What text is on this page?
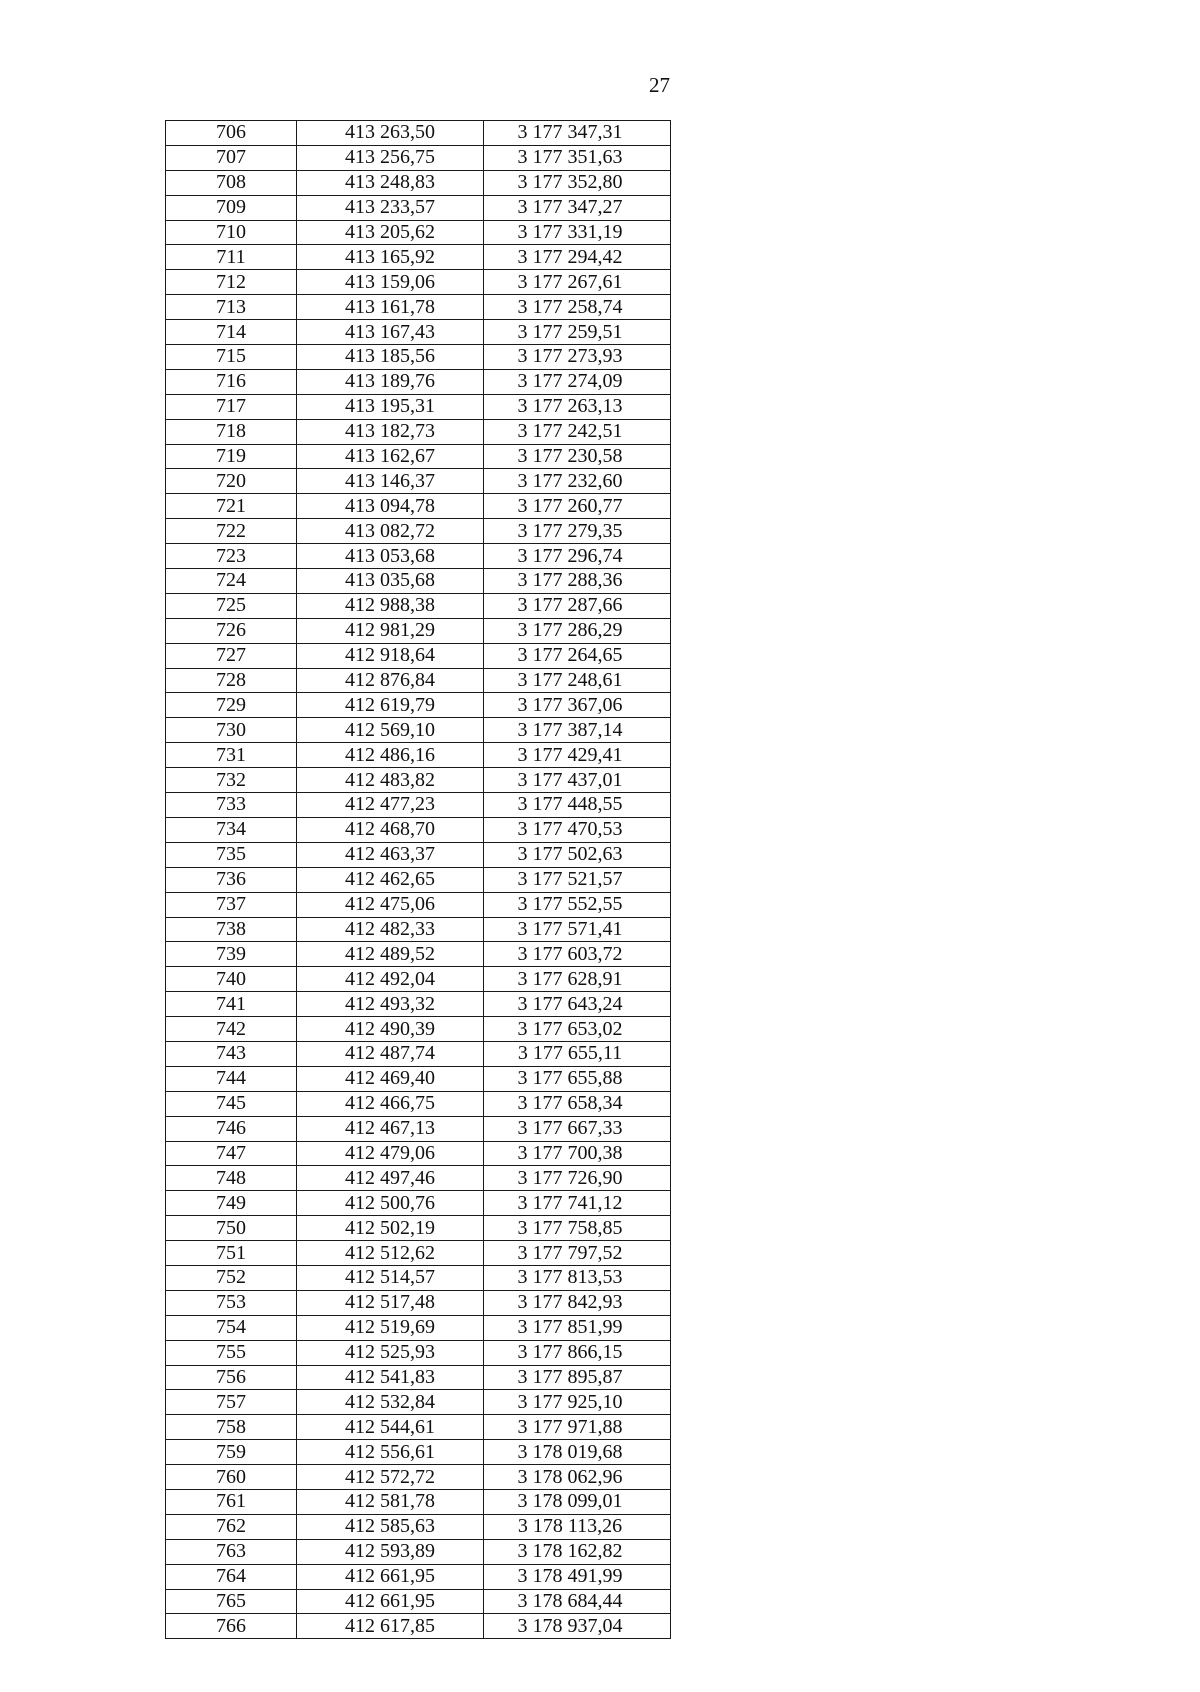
27
706	413 263,50	3 177 347,31
707	413 256,75	3 177 351,63
708	413 248,83	3 177 352,80
709	413 233,57	3 177 347,27
710	413 205,62	3 177 331,19
711	413 165,92	3 177 294,42
712	413 159,06	3 177 267,61
713	413 161,78	3 177 258,74
714	413 167,43	3 177 259,51
715	413 185,56	3 177 273,93
716	413 189,76	3 177 274,09
717	413 195,31	3 177 263,13
718	413 182,73	3 177 242,51
719	413 162,67	3 177 230,58
720	413 146,37	3 177 232,60
721	413 094,78	3 177 260,77
722	413 082,72	3 177 279,35
723	413 053,68	3 177 296,74
724	413 035,68	3 177 288,36
725	412 988,38	3 177 287,66
726	412 981,29	3 177 286,29
727	412 918,64	3 177 264,65
728	412 876,84	3 177 248,61
729	412 619,79	3 177 367,06
730	412 569,10	3 177 387,14
731	412 486,16	3 177 429,41
732	412 483,82	3 177 437,01
733	412 477,23	3 177 448,55
734	412 468,70	3 177 470,53
735	412 463,37	3 177 502,63
736	412 462,65	3 177 521,57
737	412 475,06	3 177 552,55
738	412 482,33	3 177 571,41
739	412 489,52	3 177 603,72
740	412 492,04	3 177 628,91
741	412 493,32	3 177 643,24
742	412 490,39	3 177 653,02
743	412 487,74	3 177 655,11
744	412 469,40	3 177 655,88
745	412 466,75	3 177 658,34
746	412 467,13	3 177 667,33
747	412 479,06	3 177 700,38
748	412 497,46	3 177 726,90
749	412 500,76	3 177 741,12
750	412 502,19	3 177 758,85
751	412 512,62	3 177 797,52
752	412 514,57	3 177 813,53
753	412 517,48	3 177 842,93
754	412 519,69	3 177 851,99
755	412 525,93	3 177 866,15
756	412 541,83	3 177 895,87
757	412 532,84	3 177 925,10
758	412 544,61	3 177 971,88
759	412 556,61	3 178 019,68
760	412 572,72	3 178 062,96
761	412 581,78	3 178 099,01
762	412 585,63	3 178 113,26
763	412 593,89	3 178 162,82
764	412 661,95	3 178 491,99
765	412 661,95	3 178 684,44
766	412 617,85	3 178 937,04
